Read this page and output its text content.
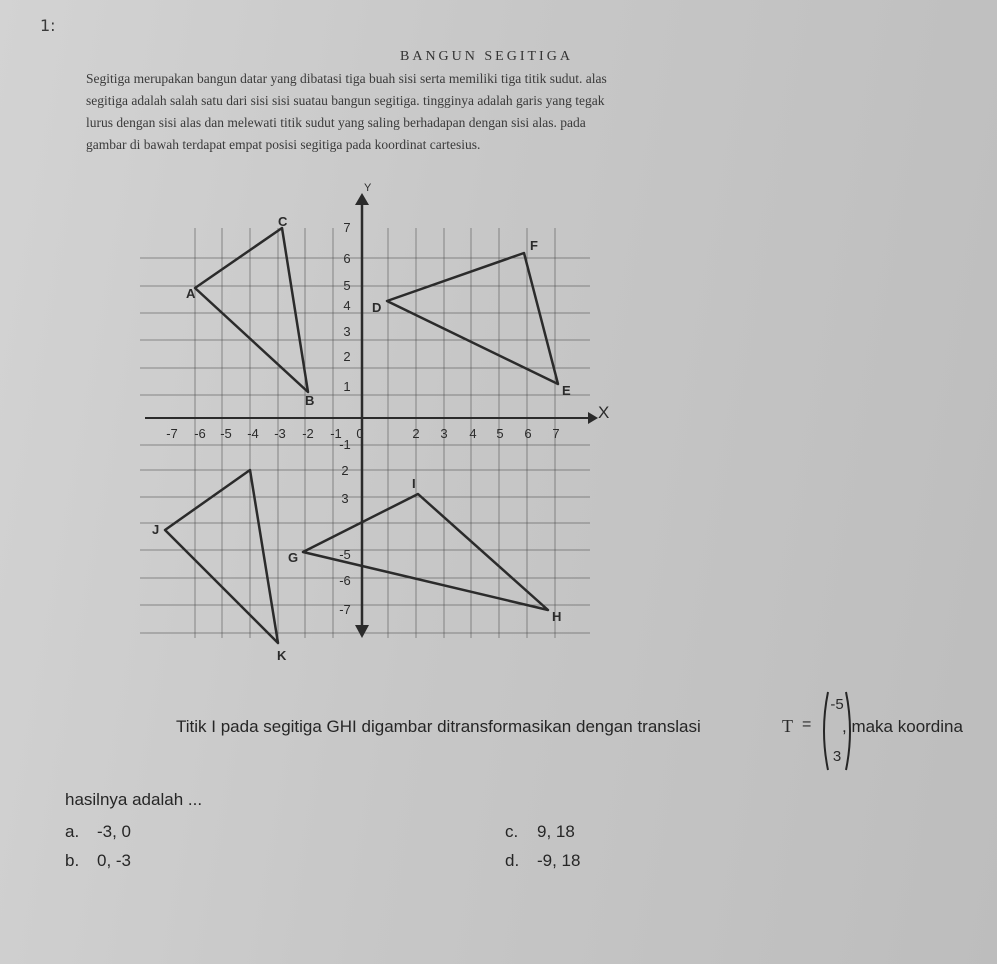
1:
BANGUN SEGITIGA
Segitiga merupakan bangun datar yang dibatasi tiga buah sisi serta memiliki tiga titik sudut. alas
segitiga adalah salah satu dari sisi sisi suatau bangun segitiga. tingginya adalah garis yang tegak
lurus dengan sisi alas dan melewati titik sudut yang saling berhadapan dengan sisi alas. pada
gambar di bawah terdapat empat posisi segitiga pada koordinat cartesius.
X
Y
-7 -6 -5 -4 -3 -2 -1 0	2 3 4 5 6 7
7
6
5
4
3
2
1
-1
2
3
-5
-6
-7
C
A
B
D
F
E
I
G
H
J
K
Titik I pada segitiga GHI digambar ditransformasikan dengan translasi	T =
-5
3
, maka koordina
hasilnya adalah ...
a. -3, 0	c. 9, 18
b. 0, -3	d. -9, 18
